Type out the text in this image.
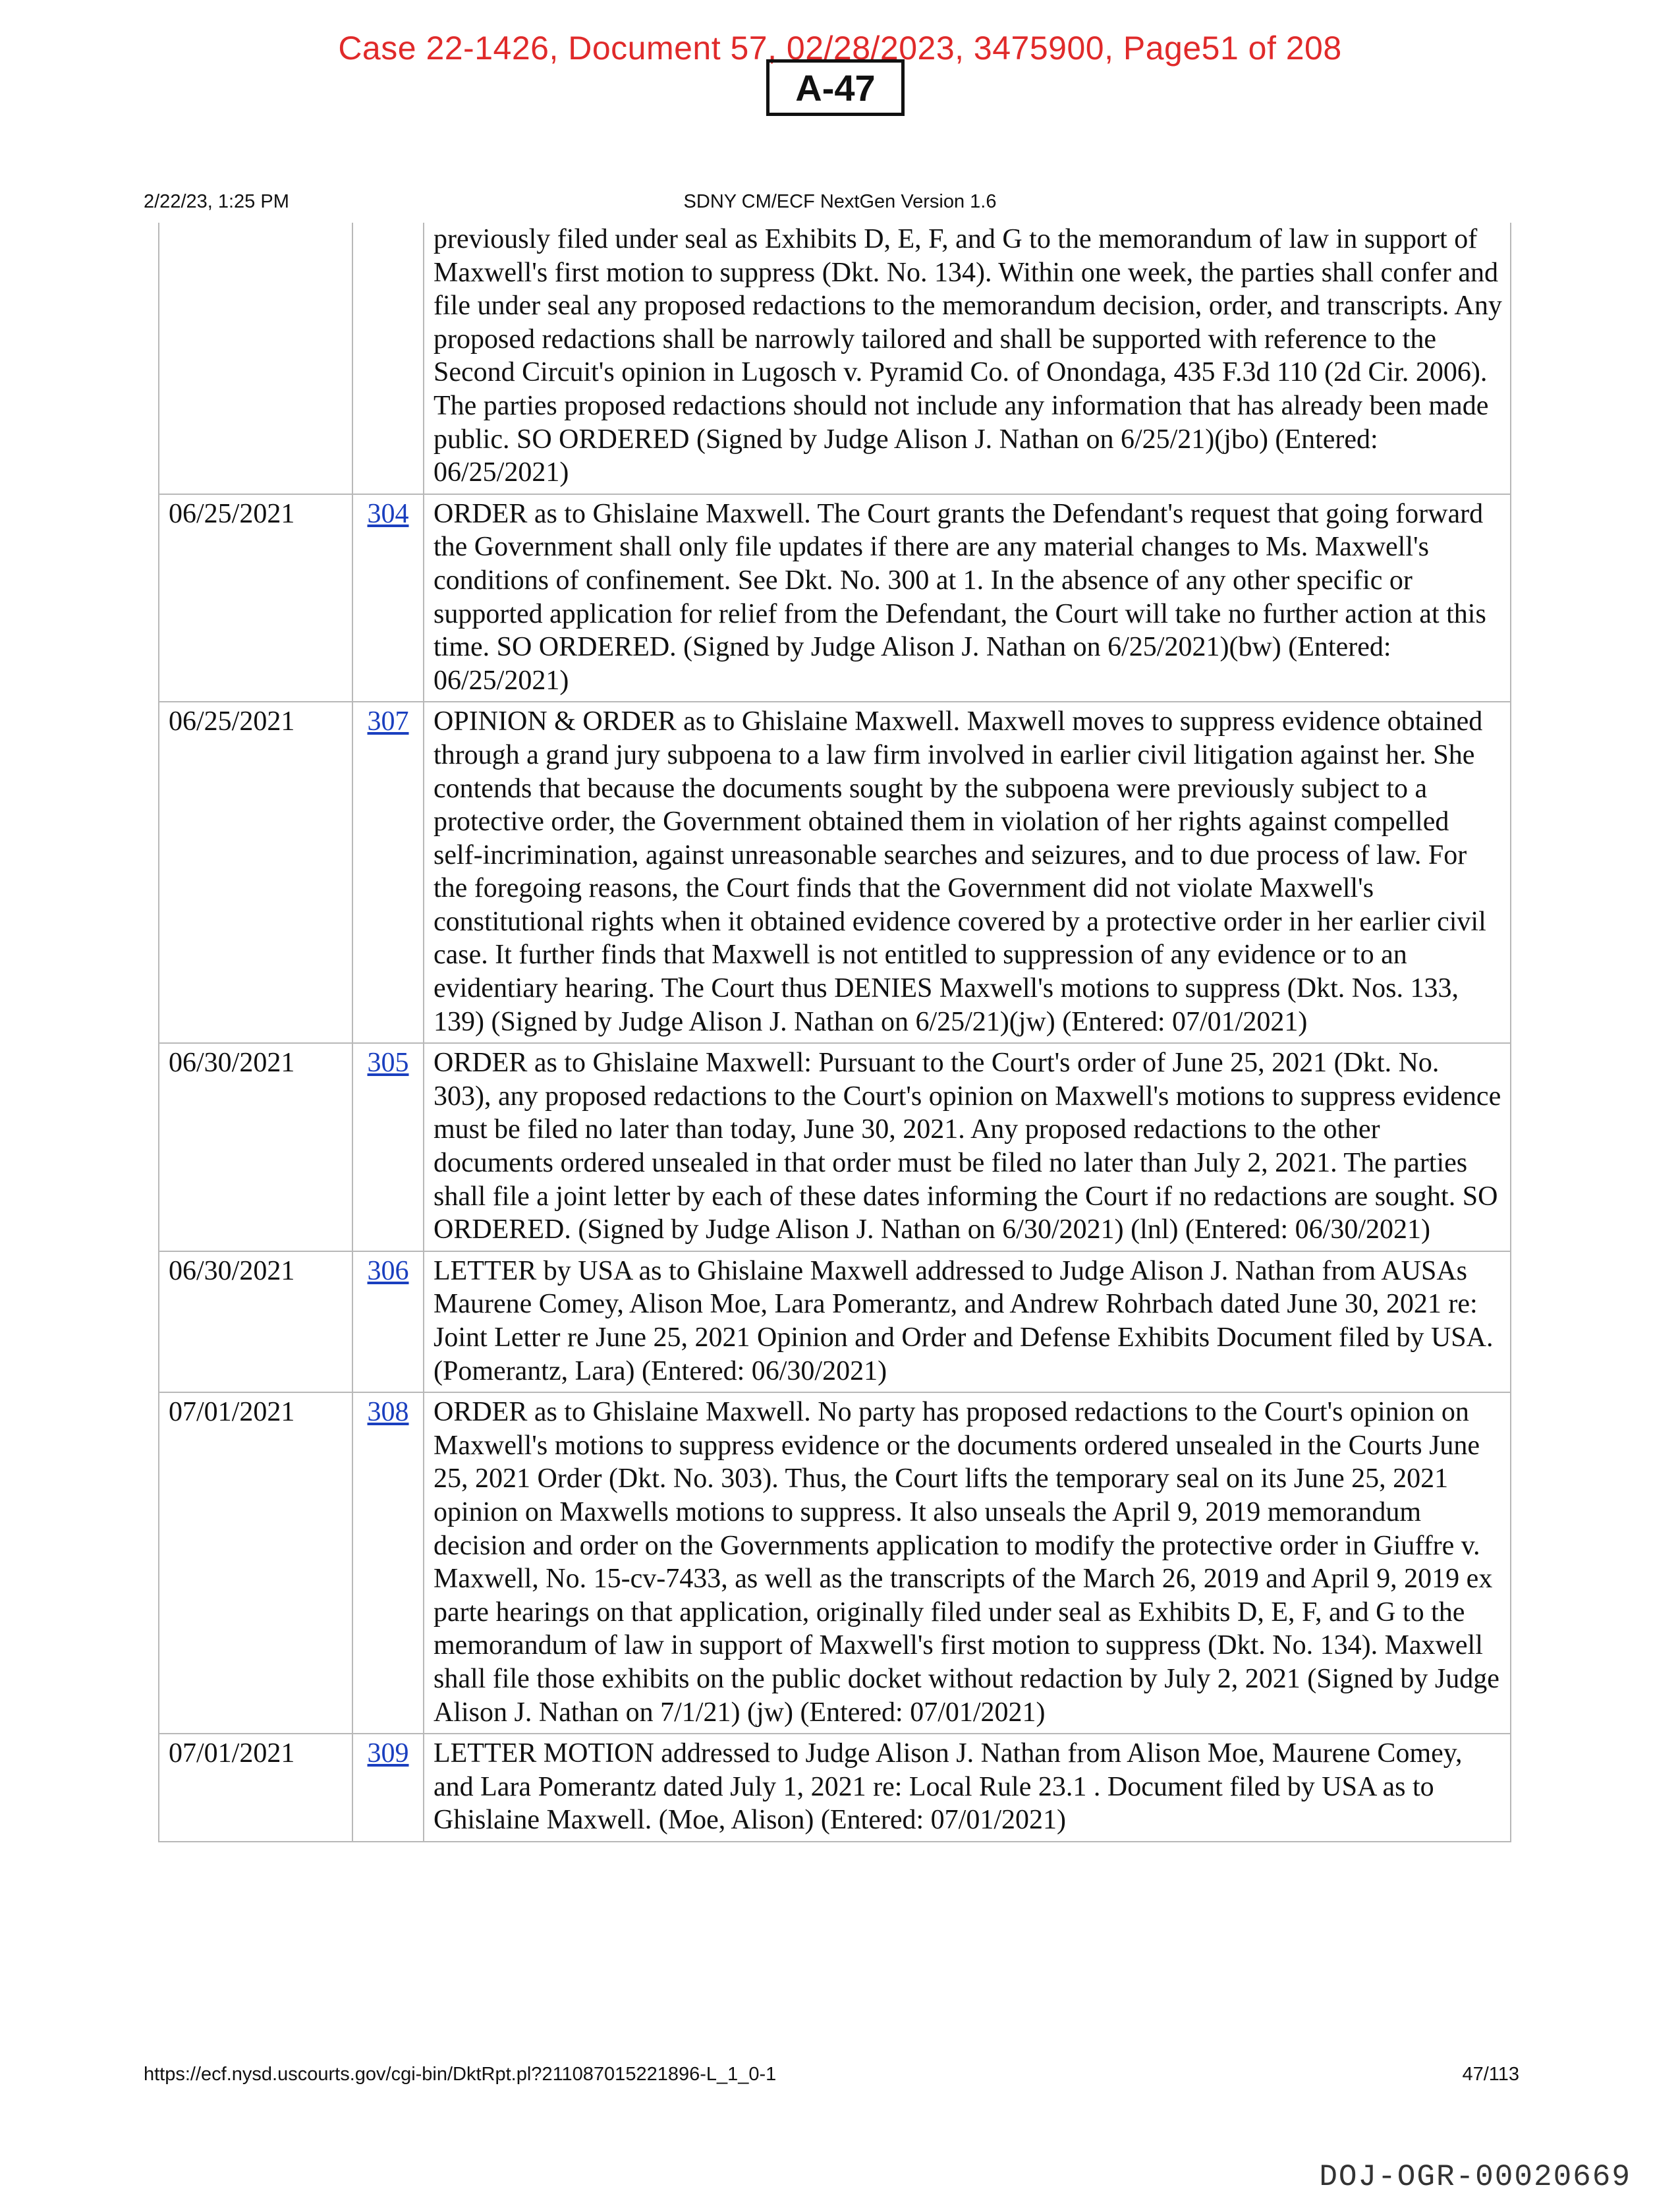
Case 22-1426, Document 57, 02/28/2023, 3475900, Page51 of 208
A-47
2/22/23, 1:25 PM	SDNY CM/ECF NextGen Version 1.6
		previously filed under seal as Exhibits D, E, F, and G to the memorandum of law in support of Maxwell's first motion to suppress (Dkt. No. 134). Within one week, the parties shall confer and file under seal any proposed redactions to the memorandum decision, order, and transcripts. Any proposed redactions shall be narrowly tailored and shall be supported with reference to the Second Circuit's opinion in Lugosch v. Pyramid Co. of Onondaga, 435 F.3d 110 (2d Cir. 2006). The parties proposed redactions should not include any information that has already been made public. SO ORDERED (Signed by Judge Alison J. Nathan on 6/25/21)(jbo) (Entered: 06/25/2021)
06/25/2021	304	ORDER as to Ghislaine Maxwell. The Court grants the Defendant's request that going forward the Government shall only file updates if there are any material changes to Ms. Maxwell's conditions of confinement. See Dkt. No. 300 at 1. In the absence of any other specific or supported application for relief from the Defendant, the Court will take no further action at this time. SO ORDERED. (Signed by Judge Alison J. Nathan on 6/25/2021)(bw) (Entered: 06/25/2021)
06/25/2021	307	OPINION & ORDER as to Ghislaine Maxwell. Maxwell moves to suppress evidence obtained through a grand jury subpoena to a law firm involved in earlier civil litigation against her. She contends that because the documents sought by the subpoena were previously subject to a protective order, the Government obtained them in violation of her rights against compelled self-incrimination, against unreasonable searches and seizures, and to due process of law. For the foregoing reasons, the Court finds that the Government did not violate Maxwell's constitutional rights when it obtained evidence covered by a protective order in her earlier civil case. It further finds that Maxwell is not entitled to suppression of any evidence or to an evidentiary hearing. The Court thus DENIES Maxwell's motions to suppress (Dkt. Nos. 133, 139) (Signed by Judge Alison J. Nathan on 6/25/21)(jw) (Entered: 07/01/2021)
06/30/2021	305	ORDER as to Ghislaine Maxwell: Pursuant to the Court's order of June 25, 2021 (Dkt. No. 303), any proposed redactions to the Court's opinion on Maxwell's motions to suppress evidence must be filed no later than today, June 30, 2021. Any proposed redactions to the other documents ordered unsealed in that order must be filed no later than July 2, 2021. The parties shall file a joint letter by each of these dates informing the Court if no redactions are sought. SO ORDERED. (Signed by Judge Alison J. Nathan on 6/30/2021) (lnl) (Entered: 06/30/2021)
06/30/2021	306	LETTER by USA as to Ghislaine Maxwell addressed to Judge Alison J. Nathan from AUSAs Maurene Comey, Alison Moe, Lara Pomerantz, and Andrew Rohrbach dated June 30, 2021 re: Joint Letter re June 25, 2021 Opinion and Order and Defense Exhibits Document filed by USA. (Pomerantz, Lara) (Entered: 06/30/2021)
07/01/2021	308	ORDER as to Ghislaine Maxwell. No party has proposed redactions to the Court's opinion on Maxwell's motions to suppress evidence or the documents ordered unsealed in the Courts June 25, 2021 Order (Dkt. No. 303). Thus, the Court lifts the temporary seal on its June 25, 2021 opinion on Maxwells motions to suppress. It also unseals the April 9, 2019 memorandum decision and order on the Governments application to modify the protective order in Giuffre v. Maxwell, No. 15-cv-7433, as well as the transcripts of the March 26, 2019 and April 9, 2019 ex parte hearings on that application, originally filed under seal as Exhibits D, E, F, and G to the memorandum of law in support of Maxwell's first motion to suppress (Dkt. No. 134). Maxwell shall file those exhibits on the public docket without redaction by July 2, 2021 (Signed by Judge Alison J. Nathan on 7/1/21) (jw) (Entered: 07/01/2021)
07/01/2021	309	LETTER MOTION addressed to Judge Alison J. Nathan from Alison Moe, Maurene Comey, and Lara Pomerantz dated July 1, 2021 re: Local Rule 23.1 . Document filed by USA as to Ghislaine Maxwell. (Moe, Alison) (Entered: 07/01/2021)
https://ecf.nysd.uscourts.gov/cgi-bin/DktRpt.pl?211087015221896-L_1_0-1	47/113
DOJ-OGR-00020669
